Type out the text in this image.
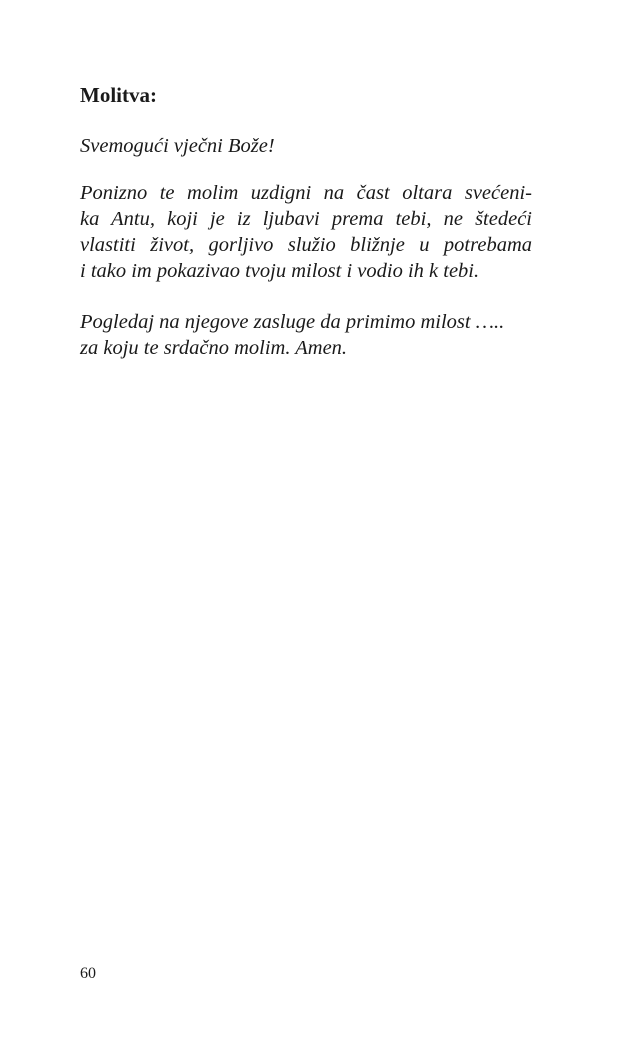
Molitva:

Svemogući vječni Bože!

Ponizno te molim uzdigni na čast oltara svećeni-
ka Antu, koji je iz ljubavi prema tebi, ne štedeći
vlastiti život, gorljivo služio bližnje u potrebama
i tako im pokazivao tvoju milost i vodio ih k tebi.

Pogledaj na njegove zasluge da primimo milost …..
za koju te srdačno molim. Amen.

60
